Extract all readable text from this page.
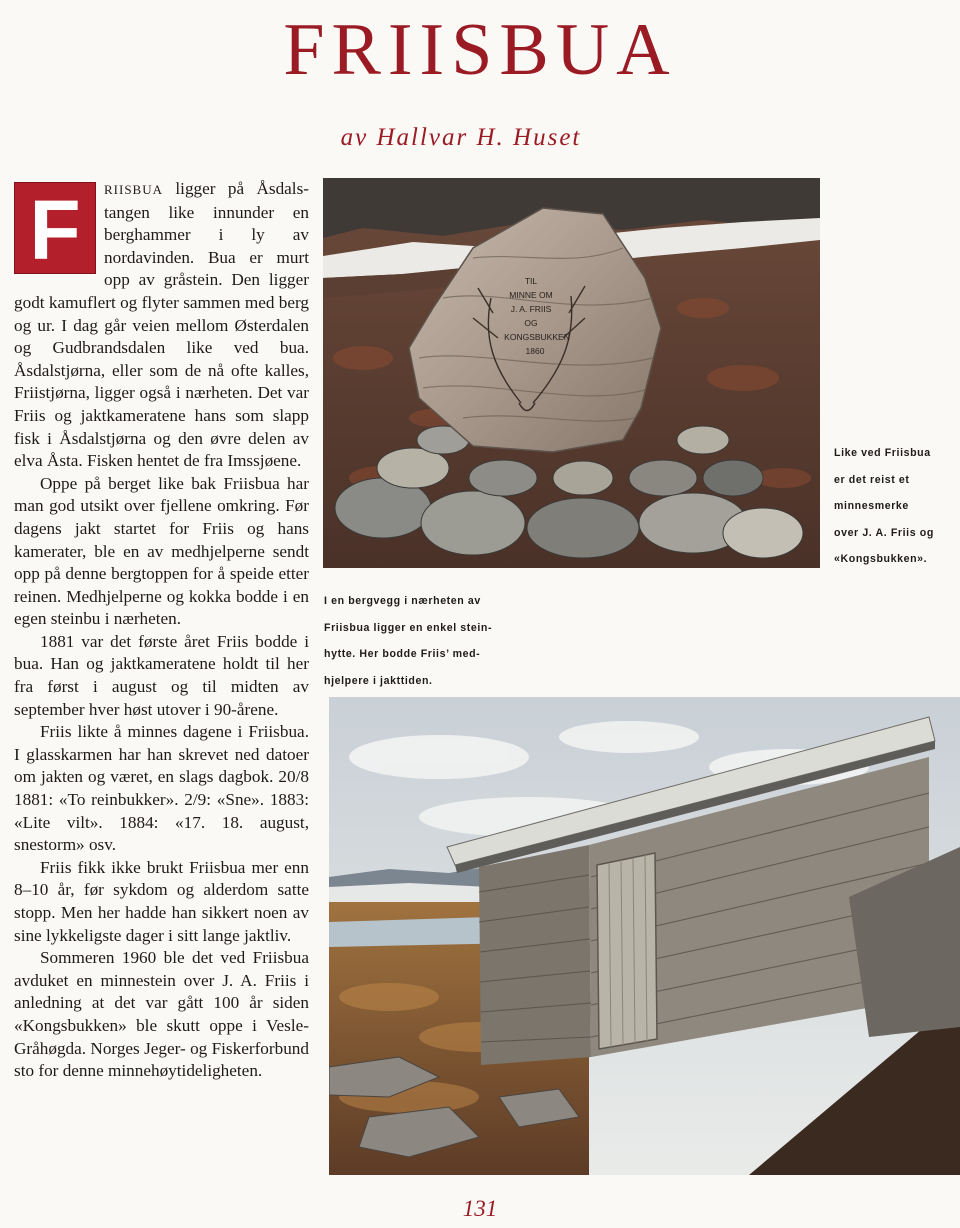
FRIISBUA
av Hallvar H. Huset

F	RIISBUA ligger på Åsdalstangen like innunder en berghammer i ly av nordavinden. Bua er murt opp av gråstein. Den ligger godt kamuflert og flyter sammen med berg og ur. I dag går veien mellom Østerdalen og Gudbrandsdalen like ved bua. Åsdalstjørna, eller som de nå ofte kalles, Friistjørna, ligger også i nærheten. Det var Friis og jaktkameratene hans som slapp fisk i Åsdalstjørna og den øvre delen av elva Åsta. Fisken hentet de fra Imssjøene.

Oppe på berget like bak Friisbua har man god utsikt over fjellene omkring. Før dagens jakt startet for Friis og hans kamerater, ble en av medhjelperne sendt opp på denne bergtoppen for å speide etter reinen. Medhjelperne og kokka bodde i en egen steinbu i nærheten.

1881 var det første året Friis bodde i bua. Han og jaktkameratene holdt til her fra først i august og til midten av september hver høst utover i 90-årene.

Friis likte å minnes dagene i Friisbua. I glasskarmen har han skrevet ned datoer om jakten og været, en slags dagbok. 20/8 1881: «To reinbukker». 2/9: «Sne». 1883: «Lite vilt». 1884: «17. 18. august, snestorm» osv.

Friis fikk ikke brukt Friisbua mer enn 8–10 år, før sykdom og alderdom satte stopp. Men her hadde han sikkert noen av sine lykkeligste dager i sitt lange jaktliv.

Sommeren 1960 ble det ved Friisbua avduket en minnestein over J. A. Friis i anledning at det var gått 100 år siden «Kongsbukken» ble skutt oppe i Vesle-Gråhøgda. Norges Jeger- og Fiskerforbund sto for denne minnehøytideligheten.

TIL
MINNE OM
J. A. FRIIS
OG
KONGSBUKKEN
1860
Like ved Friisbua
er det reist et
minnesmerke
over J. A. Friis og
«Kongsbukken».
I en bergvegg i nærheten av
Friisbua ligger en enkel stein-
hytte. Her bodde Friis’ med-
hjelpere i jakttiden.
131
